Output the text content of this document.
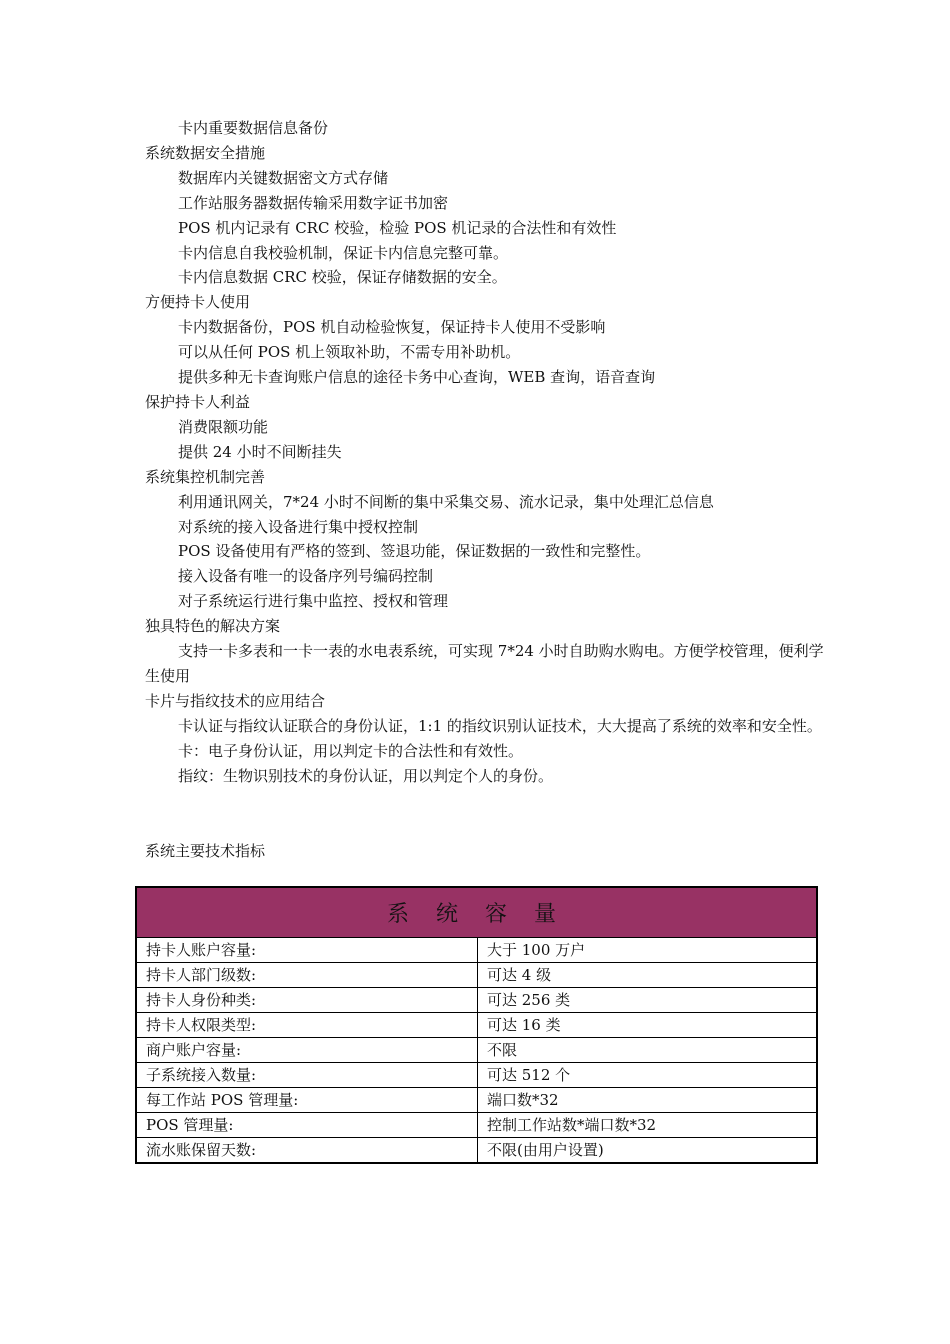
卡内重要数据信息备份
系统数据安全措施
数据库内关键数据密文方式存储
工作站服务器数据传输采用数字证书加密
POS 机内记录有 CRC 校验，检验 POS 机记录的合法性和有效性
卡内信息自我校验机制，保证卡内信息完整可靠。
卡内信息数据 CRC 校验，保证存储数据的安全。
方便持卡人使用
卡内数据备份，POS 机自动检验恢复，保证持卡人使用不受影响
可以从任何 POS 机上领取补助，不需专用补助机。
提供多种无卡查询账户信息的途径卡务中心查询，WEB 查询，语音查询
保护持卡人利益
消费限额功能
提供 24 小时不间断挂失
系统集控机制完善
利用通讯网关，7*24 小时不间断的集中采集交易、流水记录，集中处理汇总信息
对系统的接入设备进行集中授权控制
POS 设备使用有严格的签到、签退功能，保证数据的一致性和完整性。
接入设备有唯一的设备序列号编码控制
对子系统运行进行集中监控、授权和管理
独具特色的解决方案
支持一卡多表和一卡一表的水电表系统，可实现 7*24 小时自助购水购电。方便学校管理，便利学生使用
卡片与指纹技术的应用结合
卡认证与指纹认证联合的身份认证，1:1 的指纹识别认证技术，大大提高了系统的效率和安全性。
卡：电子身份认证，用以判定卡的合法性和有效性。
指纹：生物识别技术的身份认证，用以判定个人的身份。
系统主要技术指标
系 统 容 量	
持卡人账户容量:	大于 100 万户
持卡人部门级数:	可达 4 级
持卡人身份种类:	可达 256 类
持卡人权限类型:	可达 16 类
商户账户容量:	不限
子系统接入数量:	可达 512 个
每工作站 POS 管理量:	端口数*32
POS 管理量:	控制工作站数*端口数*32
流水账保留天数:	不限(由用户设置)
